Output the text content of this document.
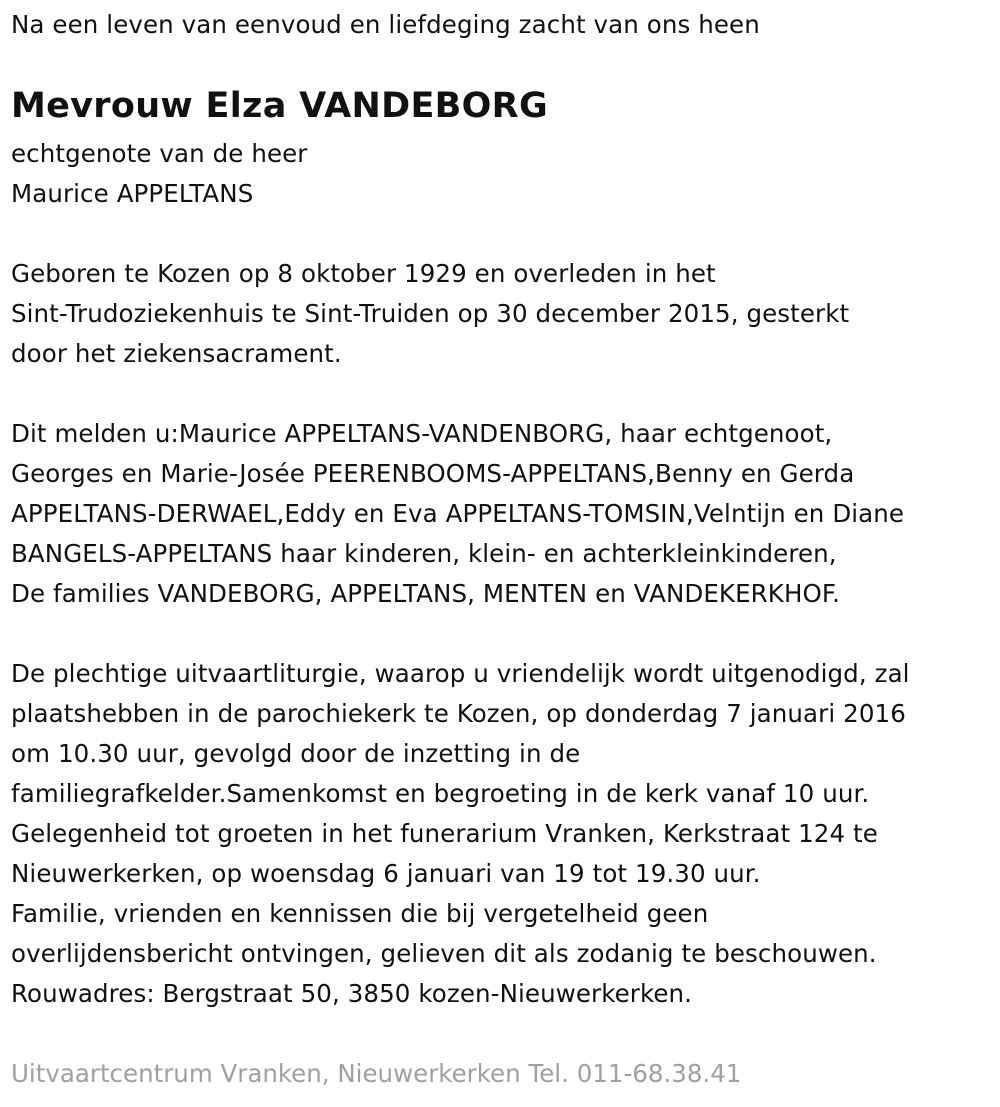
Na een leven van eenvoud en liefdeging zacht van ons heen
Mevrouw Elza VANDEBORG
echtgenote van de heer
Maurice APPELTANS
Geboren te Kozen op 8 oktober 1929 en overleden in het
Sint-Trudoziekenhuis te Sint-Truiden op 30 december 2015, gesterkt
door het ziekensacrament.
Dit melden u:Maurice APPELTANS-VANDENBORG, haar echtgenoot,
Georges en Marie-Josée PEERENBOOMS-APPELTANS,Benny en Gerda
APPELTANS-DERWAEL,Eddy en Eva APPELTANS-TOMSIN,Velntijn en Diane
BANGELS-APPELTANS haar kinderen, klein- en achterkleinkinderen,
De families VANDEBORG, APPELTANS, MENTEN en VANDEKERKHOF.
De plechtige uitvaartliturgie, waarop u vriendelijk wordt uitgenodigd, zal
plaatshebben in de parochiekerk te Kozen, op donderdag 7 januari 2016
om 10.30 uur, gevolgd door de inzetting in de
familiegrafkelder.Samenkomst en begroeting in de kerk vanaf 10 uur.
Gelegenheid tot groeten in het funerarium Vranken, Kerkstraat 124 te
Nieuwerkerken, op woensdag 6 januari van 19 tot 19.30 uur.
Familie, vrienden en kennissen die bij vergetelheid geen
overlijdensbericht ontvingen, gelieven dit als zodanig te beschouwen.
Rouwadres: Bergstraat 50, 3850 kozen-Nieuwerkerken.
Uitvaartcentrum Vranken, Nieuwerkerken Tel. 011-68.38.41
